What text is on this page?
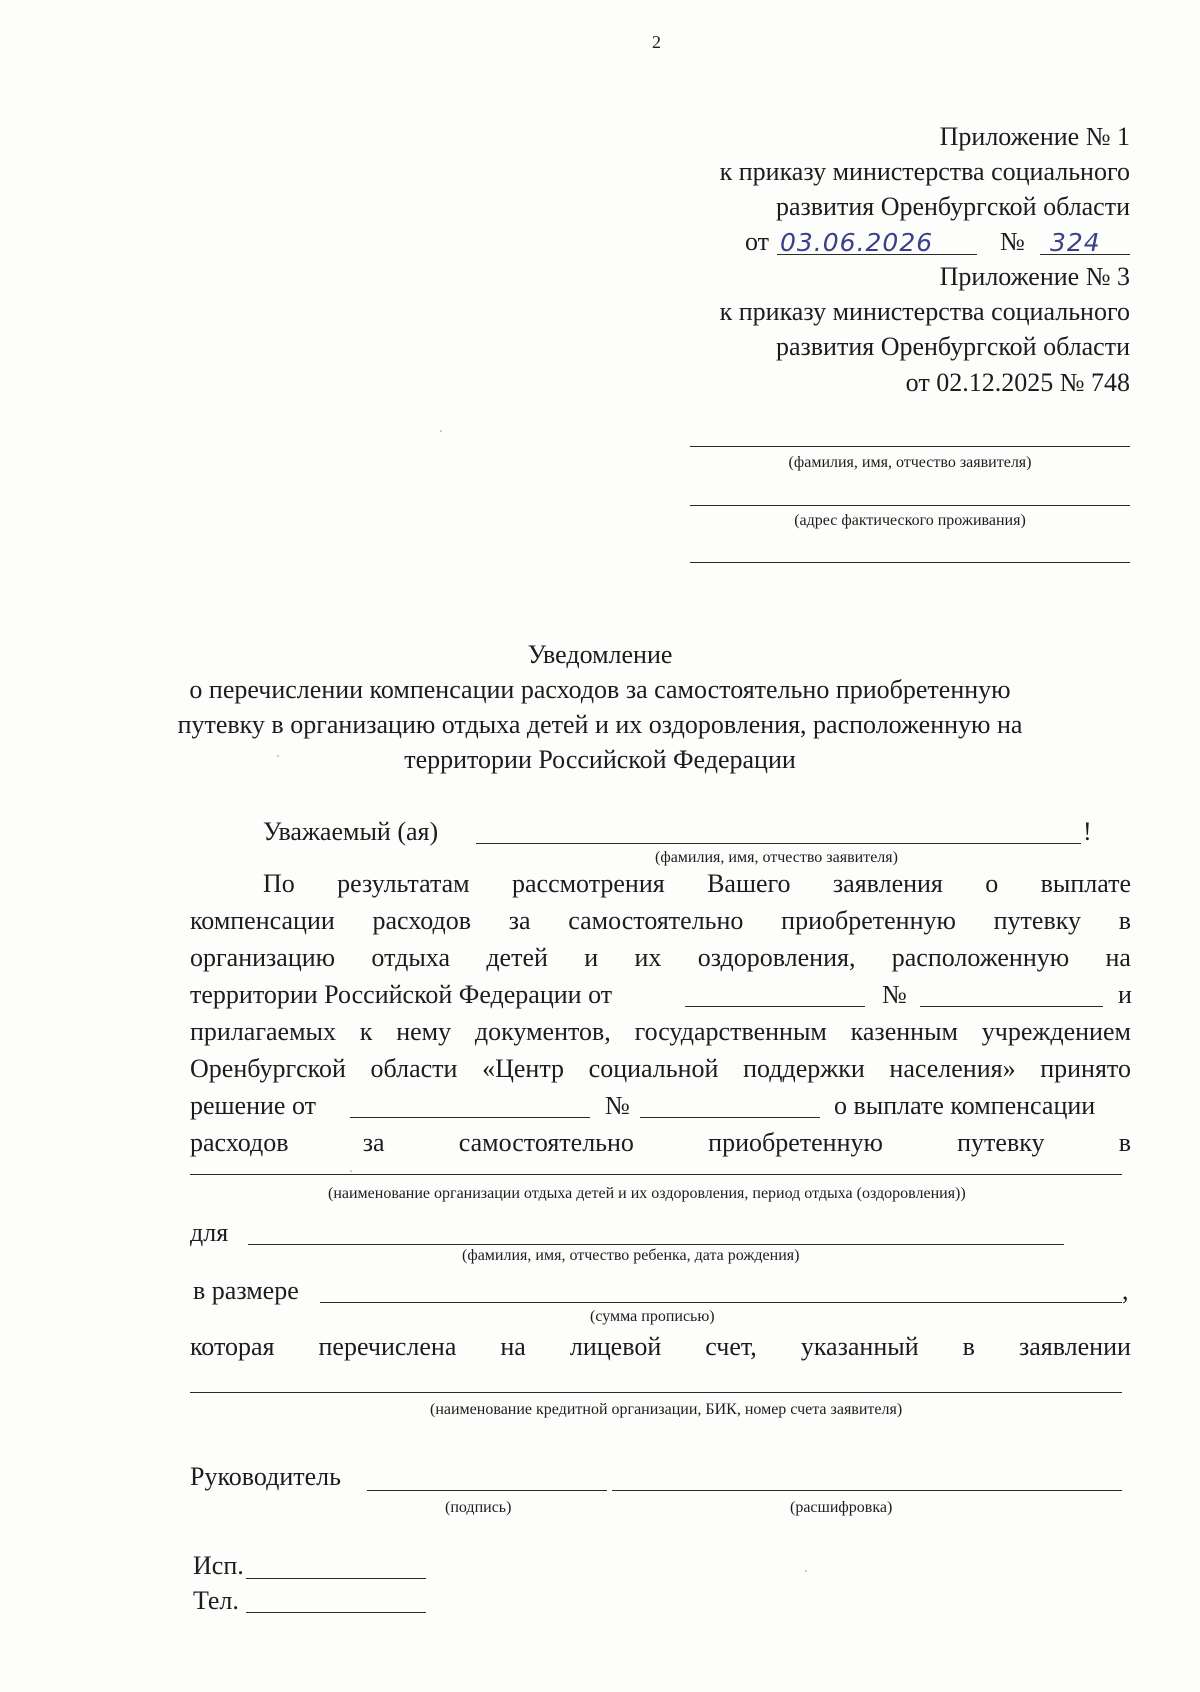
2
Приложение № 1
к приказу министерства социального
развития Оренбургской области
от 03.06.2026	№ 324
Приложение № 3
к приказу министерства социального
развития Оренбургской области
от 02.12.2025 № 748
(фамилия, имя, отчество заявителя)
(адрес фактического проживания)
Уведомление
о перечислении компенсации расходов за самостоятельно приобретенную
путевку в организацию отдыха детей и их оздоровления, расположенную на
территории Российской Федерации
Уважаемый (ая)	!
(фамилия, имя, отчество заявителя)
По результатам рассмотрения Вашего заявления о выплате
компенсации расходов за самостоятельно приобретенную путевку в
организацию отдыха детей и их оздоровления, расположенную на
территории Российской Федерации от	№	и
прилагаемых к нему документов, государственным казенным учреждением
Оренбургской области «Центр социальной поддержки населения» принято
решение от	№	о выплате компенсации
расходов	за	самостоятельно	приобретенную	путевку	в
(наименование организации отдыха детей и их оздоровления, период отдыха (оздоровления))
для
(фамилия, имя, отчество ребенка, дата рождения)
в размере	,
(сумма прописью)
которая перечислена на лицевой счет, указанный в заявлении
(наименование кредитной организации, БИК, номер счета заявителя)
Руководитель
(подпись)	(расшифровка)
Исп.
Тел.
